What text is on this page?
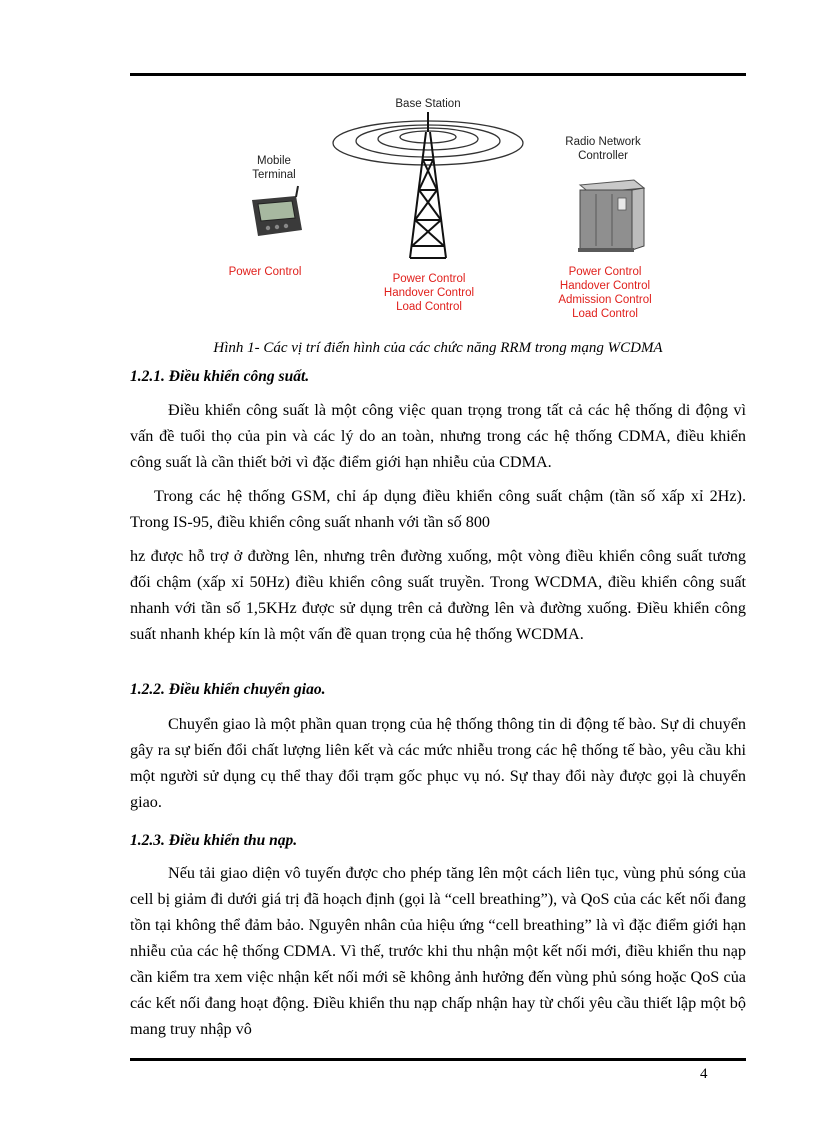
Base Station
Mobile
Terminal
Radio Network
Controller
Power Control
Power Control
Handover Control
Load Control
Power Control
Handover Control
Admission Control
Load Control
Hình 1- Các vị trí điển hình của các chức năng RRM trong mạng WCDMA
1.2.1. Điều khiển công suất.
Điều khiển công suất là một công việc quan trọng trong tất cả các hệ thống di động vì vấn đề tuổi thọ của pin và các lý do an toàn, nhưng trong các hệ thống CDMA, điều khiển công suất là cần thiết bởi vì đặc điểm giới hạn nhiễu của CDMA.
Trong các hệ thống GSM, chỉ áp dụng điều khiển công suất chậm (tần số xấp xỉ 2Hz). Trong IS-95, điều khiển công suất nhanh với tần số 800
hz được hỗ trợ ở đường lên, nhưng trên đường xuống, một vòng điều khiển công suất tương đối chậm (xấp xỉ 50Hz) điều khiển công suất truyền. Trong WCDMA, điều khiển công suất nhanh với tần số 1,5KHz được sử dụng trên cả đường lên và đường xuống. Điều khiển công suất nhanh khép kín là một vấn đề quan trọng của hệ thống WCDMA.
1.2.2. Điều khiển chuyển giao.
Chuyển giao là một phần quan trọng của hệ thống thông tin di động tế bào. Sự di chuyển gây ra sự biến đổi chất lượng liên kết và các mức nhiễu trong các hệ thống tế bào, yêu cầu khi một người sử dụng cụ thể thay đổi trạm gốc phục vụ nó. Sự thay đổi này được gọi là chuyển giao.
1.2.3. Điều khiển thu nạp.
Nếu tải giao diện vô tuyến được cho phép tăng lên một cách liên tục, vùng phủ sóng của cell bị giảm đi dưới giá trị đã hoạch định (gọi là “cell breathing”), và QoS của các kết nối đang tồn tại không thể đảm bảo. Nguyên nhân của hiệu ứng “cell breathing” là vì đặc điểm giới hạn nhiễu của các hệ thống CDMA. Vì thế, trước khi thu nhận một kết nối mới, điều khiển thu nạp cần kiểm tra xem việc nhận kết nối mới sẽ không ảnh hưởng đến vùng phủ sóng hoặc QoS của các kết nối đang hoạt động. Điều khiển thu nạp chấp nhận hay từ chối yêu cầu thiết lập một bộ mang truy nhập vô
4
